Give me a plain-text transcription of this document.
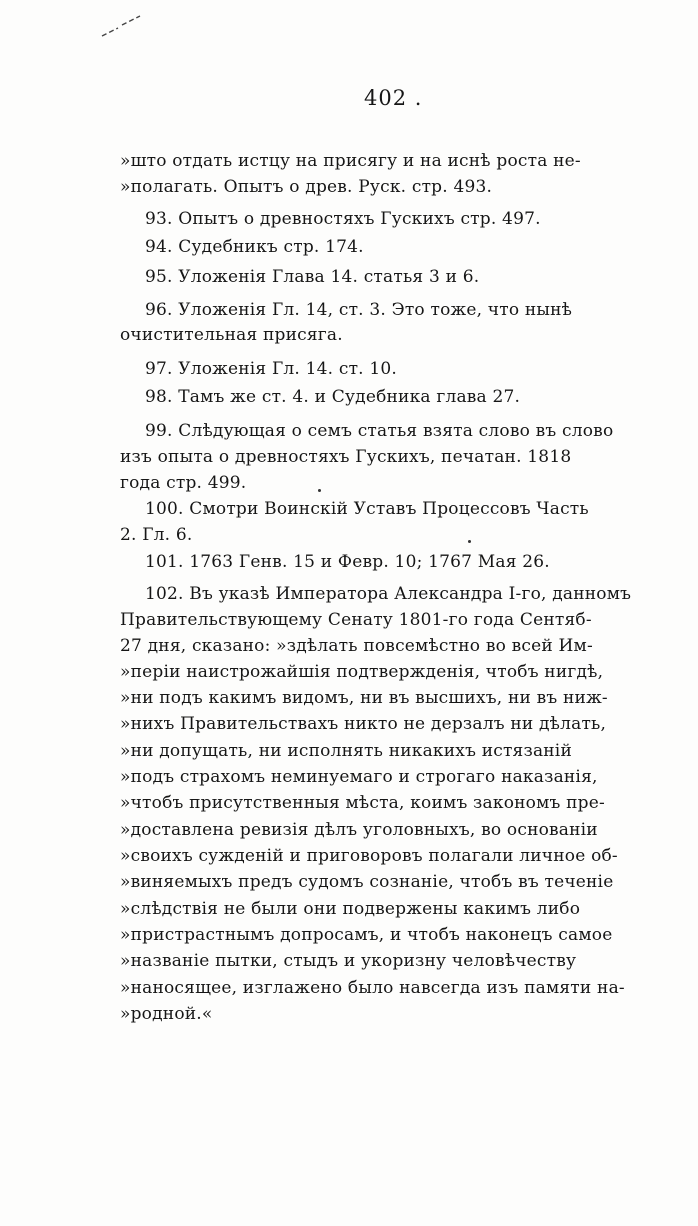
402 .
»што отдать истцу на присягу и на иснѣ роста не-
»полагать. Опытъ о древ. Руск. стр. 493.
93. Опытъ о древностяхъ Гускихъ стр. 497.
94. Судебникъ стр. 174.
95. Уложенія Глава 14. статья 3 и 6.
96. Уложенія Гл. 14, ст. 3. Это тоже, что нынѣ
очистительная присяга.
97. Уложенія Гл. 14. ст. 10.
98. Тамъ же ст. 4. и Судебника глава 27.
99. Слѣдующая о семъ статья взята слово въ слово
изъ опыта о древностяхъ Гускихъ, печатан. 1818
года стр. 499.
100. Смотри Воинскій Уставъ Процессовъ Часть
2. Гл. 6.
101. 1763 Генв. 15 и Февр. 10; 1767 Мая 26.
102. Въ указѣ Императора Александра I-го, данномъ
Правительствующему Сенату 1801-го года Сентяб-
27 дня, сказано: »здѣлать повсемѣстно во всей Им-
»періи наистрожайшія подтвержденія, чтобъ нигдѣ,
»ни подъ какимъ видомъ, ни въ высшихъ, ни въ ниж-
»нихъ Правительствахъ никто не дерзалъ ни дѣлать,
»ни допущать, ни исполнять никакихъ истязаній
»подъ страхомъ неминуемаго и строгаго наказанія,
»чтобъ присутственныя мѣста, коимъ закономъ пре-
»доставлена ревизія дѣлъ уголовныхъ, во основаніи
»своихъ сужденій и приговоровъ полагали личное об-
»виняемыхъ предъ судомъ сознаніе, чтобъ въ теченіе
»слѣдствія не были они подвержены какимъ либо
»пристрастнымъ допросамъ, и чтобъ наконецъ самое
»названіе пытки, стыдъ и укоризну человѣчеству
»наносящее, изглажено было навсегда изъ памяти на-
»родной.«
